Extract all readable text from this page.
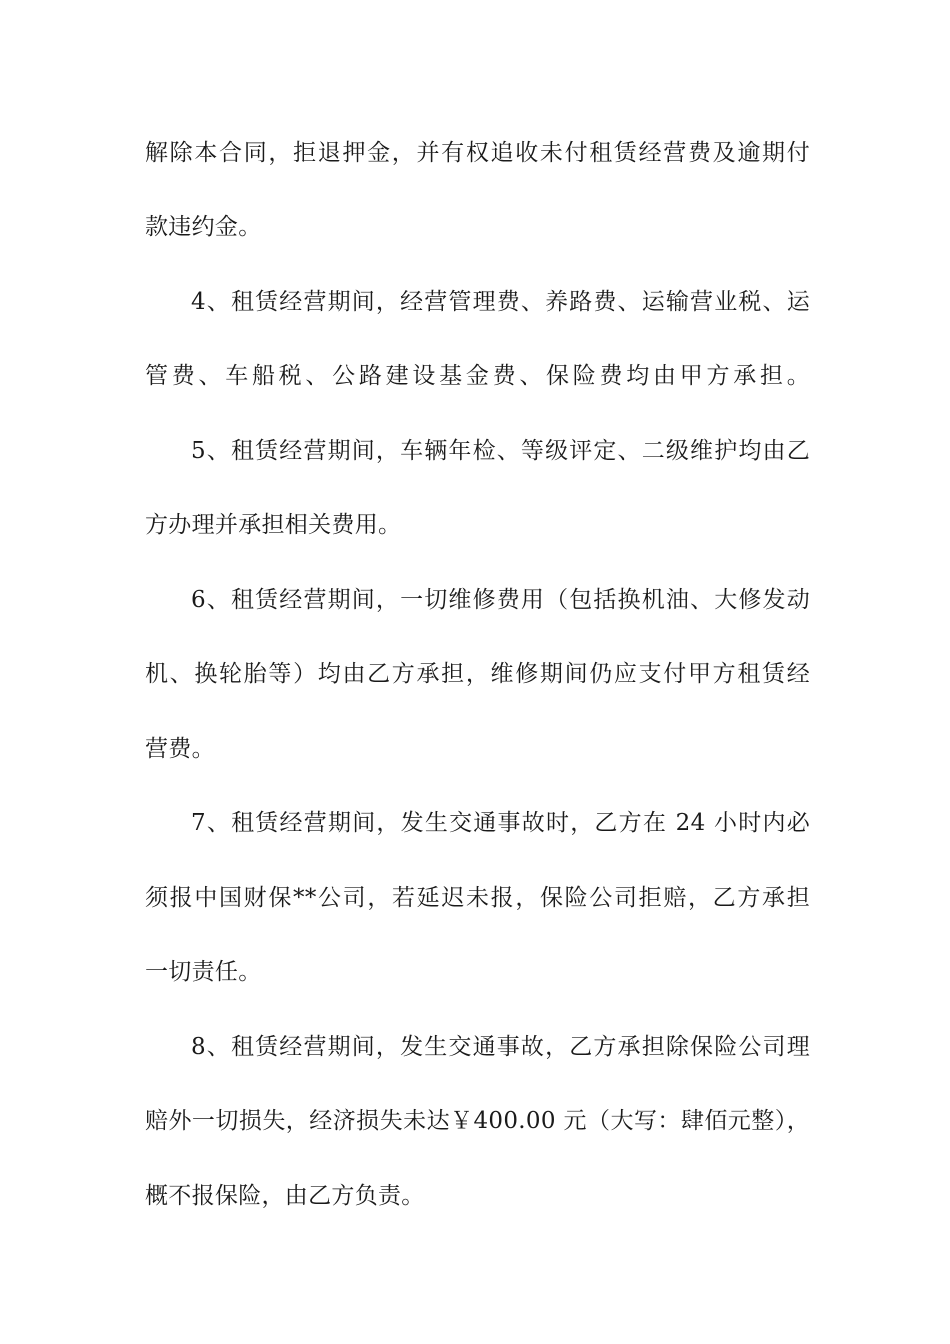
解除本合同，拒退押金，并有权追收未付租赁经营费及逾期付
款违约金。
4、租赁经营期间，经营管理费、养路费、运输营业税、运
管费、车船税、公路建设基金费、保险费均由甲方承担。
5、租赁经营期间，车辆年检、等级评定、二级维护均由乙
方办理并承担相关费用。
6、租赁经营期间，一切维修费用（包括换机油、大修发动
机、换轮胎等）均由乙方承担，维修期间仍应支付甲方租赁经
营费。
7、租赁经营期间，发生交通事故时，乙方在 24 小时内必
须报中国财保**公司，若延迟未报，保险公司拒赔，乙方承担
一切责任。
8、租赁经营期间，发生交通事故，乙方承担除保险公司理
赔外一切损失，经济损失未达￥400.00 元（大写：肆佰元整），
概不报保险，由乙方负责。
